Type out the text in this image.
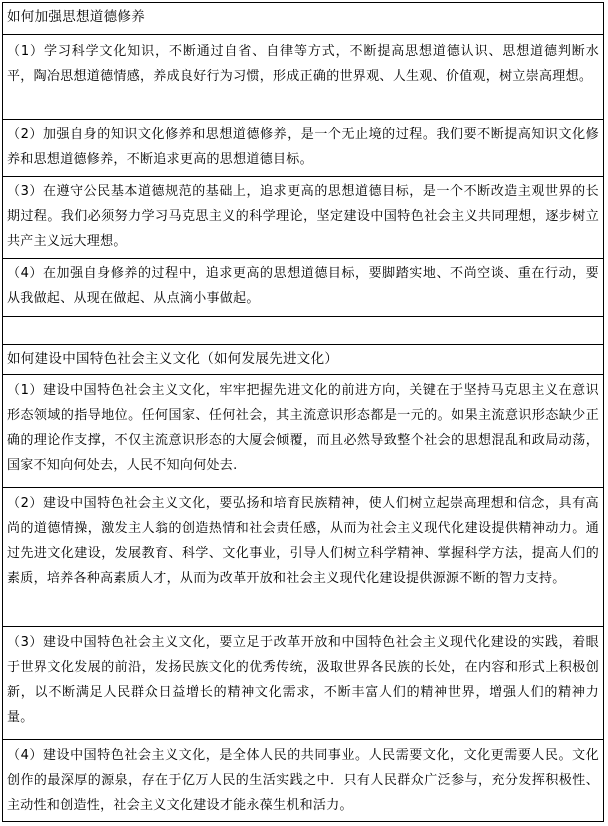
如何加强思想道德修养
（1）学习科学文化知识，不断通过自省、自律等方式，不断提高思想道德认识、思想道德判断水平，陶冶思想道德情感，养成良好行为习惯，形成正确的世界观、人生观、价值观，树立崇高理想。
（2）加强自身的知识文化修养和思想道德修养，是一个无止境的过程。我们要不断提高知识文化修养和思想道德修养，不断追求更高的思想道德目标。
（3）在遵守公民基本道德规范的基础上，追求更高的思想道德目标，是一个不断改造主观世界的长期过程。我们必须努力学习马克思主义的科学理论，坚定建设中国特色社会主义共同理想，逐步树立共产主义远大理想。
（4）在加强自身修养的过程中，追求更高的思想道德目标，要脚踏实地、不尚空谈、重在行动，要从我做起、从现在做起、从点滴小事做起。
如何建设中国特色社会主义文化（如何发展先进文化）
（1）建设中国特色社会主义文化，牢牢把握先进文化的前进方向，关键在于坚持马克思主义在意识形态领域的指导地位。任何国家、任何社会，其主流意识形态都是一元的。如果主流意识形态缺少正确的理论作支撑，不仅主流意识形态的大厦会倾覆，而且必然导致整个社会的思想混乱和政局动荡，国家不知向何处去，人民不知向何处去.
（2）建设中国特色社会主义文化，要弘扬和培育民族精神，使人们树立起崇高理想和信念，具有高尚的道德情操，激发主人翁的创造热情和社会责任感，从而为社会主义现代化建设提供精神动力。通过先进文化建设，发展教育、科学、文化事业，引导人们树立科学精神、掌握科学方法，提高人们的素质，培养各种高素质人才，从而为改革开放和社会主义现代化建设提供源源不断的智力支持。
（3）建设中国特色社会主义文化，要立足于改革开放和中国特色社会主义现代化建设的实践，着眼于世界文化发展的前沿，发扬民族文化的优秀传统，汲取世界各民族的长处，在内容和形式上积极创新，以不断满足人民群众日益增长的精神文化需求，不断丰富人们的精神世界，增强人们的精神力量。
（4）建设中国特色社会主义文化，是全体人民的共同事业。人民需要文化，文化更需要人民。文化创作的最深厚的源泉，存在于亿万人民的生活实践之中．只有人民群众广泛参与，充分发挥积极性、主动性和创造性，社会主义文化建设才能永葆生机和活力。
